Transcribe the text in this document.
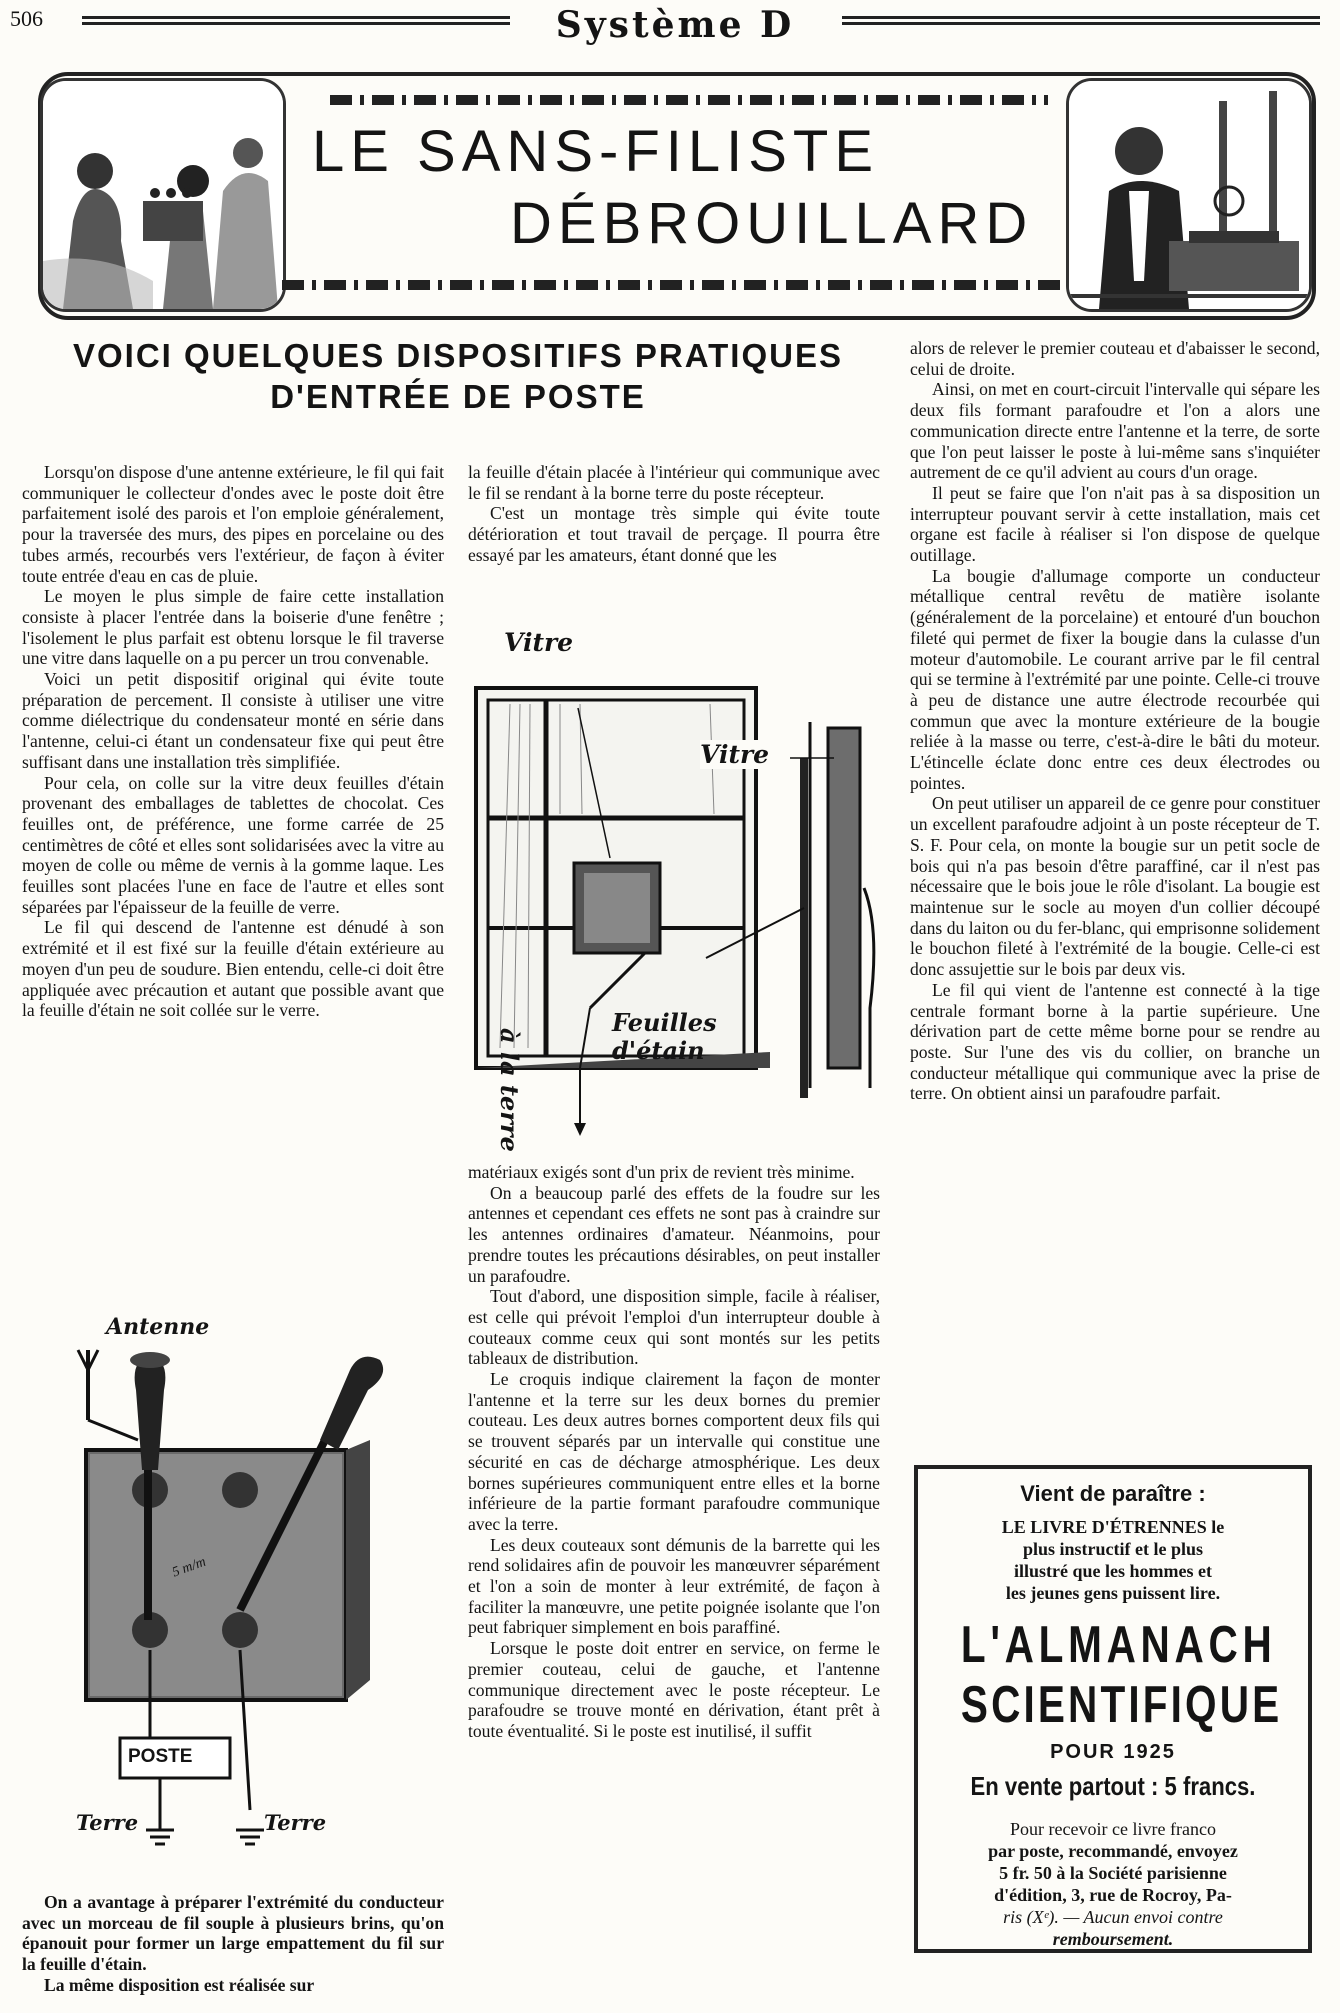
506	Système D
LE SANS-FILISTE
DÉBROUILLARD
VOICI QUELQUES DISPOSITIFS PRATIQUES
D'ENTRÉE DE POSTE

Lorsqu'on dispose d'une antenne extérieure, le fil qui fait communiquer le collecteur d'ondes avec le poste doit être parfaitement isolé des parois et l'on emploie généralement, pour la traversée des murs, des pipes en porcelaine ou des tubes armés, recourbés vers l'extérieur, de façon à éviter toute entrée d'eau en cas de pluie.

Le moyen le plus simple de faire cette installation consiste à placer l'entrée dans la boiserie d'une fenêtre ; l'isolement le plus parfait est obtenu lorsque le fil traverse une vitre dans laquelle on a pu percer un trou convenable.

Voici un petit dispositif original qui évite toute préparation de percement. Il consiste à utiliser une vitre comme diélectrique du condensateur monté en série dans l'antenne, celui-ci étant un condensateur fixe qui peut être suffisant dans une installation très simplifiée.

Pour cela, on colle sur la vitre deux feuilles d'étain provenant des emballages de tablettes de chocolat. Ces feuilles ont, de préférence, une forme carrée de 25 centimètres de côté et elles sont solidarisées avec la vitre au moyen de colle ou même de vernis à la gomme laque. Les feuilles sont placées l'une en face de l'autre et elles sont séparées par l'épaisseur de la feuille de verre.

Le fil qui descend de l'antenne est dénudé à son extrémité et il est fixé sur la feuille d'étain extérieure au moyen d'un peu de soudure. Bien entendu, celle-ci doit être appliquée avec précaution et autant que possible avant que la feuille d'étain ne soit collée sur le verre.

Antenne
POSTE
Terre	Terre
5 m/m

On a avantage à préparer l'extrémité du conducteur avec un morceau de fil souple à plusieurs brins, qu'on épanouit pour former un large empattement du fil sur la feuille d'étain.

La même disposition est réalisée sur

la feuille d'étain placée à l'intérieur qui communique avec le fil se rendant à la borne terre du poste récepteur.

C'est un montage très simple qui évite toute détérioration et tout travail de perçage. Il pourra être essayé par les amateurs, étant donné que les

Vitre
Vitre
Feuilles
d'étain
à la terre

matériaux exigés sont d'un prix de revient très minime.

On a beaucoup parlé des effets de la foudre sur les antennes et cependant ces effets ne sont pas à craindre sur les antennes ordinaires d'amateur. Néanmoins, pour prendre toutes les précautions désirables, on peut installer un parafoudre.

Tout d'abord, une disposition simple, facile à réaliser, est celle qui prévoit l'emploi d'un interrupteur double à couteaux comme ceux qui sont montés sur les petits tableaux de distribution.

Le croquis indique clairement la façon de monter l'antenne et la terre sur les deux bornes du premier couteau. Les deux autres bornes comportent deux fils qui se trouvent séparés par un intervalle qui constitue une sécurité en cas de décharge atmosphérique. Les deux bornes supérieures communiquent entre elles et la borne inférieure de la partie formant parafoudre communique avec la terre.

Les deux couteaux sont démunis de la barrette qui les rend solidaires afin de pouvoir les manœuvrer séparément et l'on a soin de monter à leur extrémité, de façon à faciliter la manœuvre, une petite poignée isolante que l'on peut fabriquer simplement en bois paraffiné.

Lorsque le poste doit entrer en service, on ferme le premier couteau, celui de gauche, et l'antenne communique directement avec le poste récepteur. Le parafoudre se trouve monté en dérivation, étant prêt à toute éventualité. Si le poste est inutilisé, il suffit

alors de relever le premier couteau et d'abaisser le second, celui de droite.

Ainsi, on met en court-circuit l'intervalle qui sépare les deux fils formant parafoudre et l'on a alors une communication directe entre l'antenne et la terre, de sorte que l'on peut laisser le poste à lui-même sans s'inquiéter autrement de ce qu'il advient au cours d'un orage.

Il peut se faire que l'on n'ait pas à sa disposition un interrupteur pouvant servir à cette installation, mais cet organe est facile à réaliser si l'on dispose de quelque outillage.

La bougie d'allumage comporte un conducteur métallique central revêtu de matière isolante (généralement de la porcelaine) et entouré d'un bouchon fileté qui permet de fixer la bougie dans la culasse d'un moteur d'automobile. Le courant arrive par le fil central qui se termine à l'extrémité par une pointe. Celle-ci trouve à peu de distance une autre électrode recourbée qui commun que avec la monture extérieure de la bougie reliée à la masse ou terre, c'est-à-dire le bâti du moteur. L'étincelle éclate donc entre ces deux électrodes ou pointes.

On peut utiliser un appareil de ce genre pour constituer un excellent parafoudre adjoint à un poste récepteur de T. S. F. Pour cela, on monte la bougie sur un petit socle de bois qui n'a pas besoin d'être paraffiné, car il n'est pas nécessaire que le bois joue le rôle d'isolant. La bougie est maintenue sur le socle au moyen d'un collier découpé dans du laiton ou du fer-blanc, qui emprisonne solidement le bouchon fileté à l'extrémité de la bougie. Celle-ci est donc assujettie sur le bois par deux vis.

Le fil qui vient de l'antenne est connecté à la tige centrale formant borne à la partie supérieure. Une dérivation part de cette même borne pour se rendre au poste. Sur l'une des vis du collier, on branche un conducteur métallique qui communique avec la prise de terre. On obtient ainsi un parafoudre parfait.

Vient de paraître :
LE LIVRE D'ÉTRENNES le
plus instructif et le plus
illustré que les hommes et
les jeunes gens puissent lire.
L'ALMANACH
SCIENTIFIQUE
POUR 1925
En vente partout : 5 francs.
Pour recevoir ce livre franco
par poste, recommandé, envoyez
5 fr. 50 à la Société parisienne
d'édition, 3, rue de Rocroy, Pa-
ris (Xᵉ). — Aucun envoi contre
remboursement.
